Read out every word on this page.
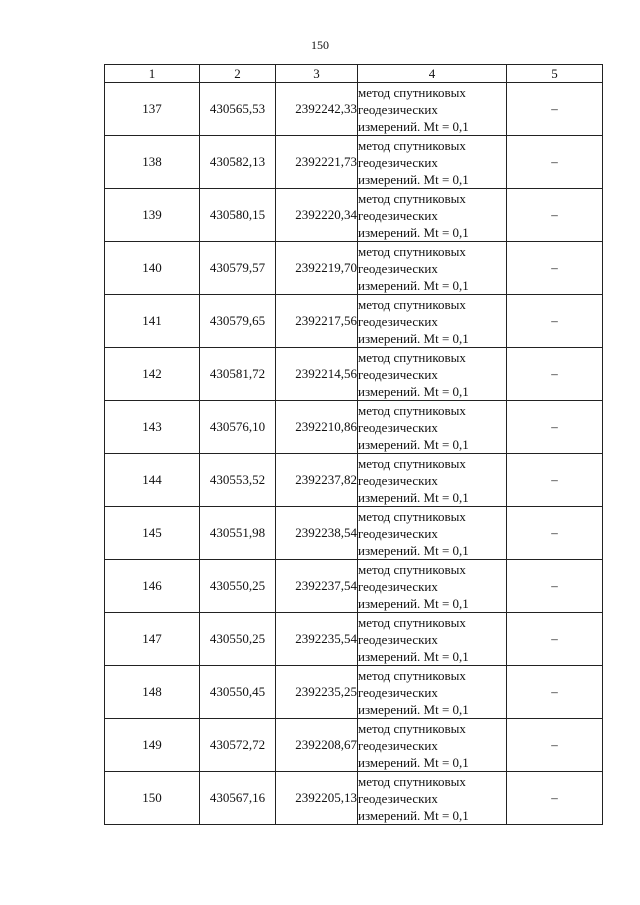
150
1	2	3	4	5
137	430565,53	2392242,33	метод спутниковых
геодезических
измерений. Mt = 0,1	–
138	430582,13	2392221,73	метод спутниковых
геодезических
измерений. Mt = 0,1	–
139	430580,15	2392220,34	метод спутниковых
геодезических
измерений. Mt = 0,1	–
140	430579,57	2392219,70	метод спутниковых
геодезических
измерений. Mt = 0,1	–
141	430579,65	2392217,56	метод спутниковых
геодезических
измерений. Mt = 0,1	–
142	430581,72	2392214,56	метод спутниковых
геодезических
измерений. Mt = 0,1	–
143	430576,10	2392210,86	метод спутниковых
геодезических
измерений. Mt = 0,1	–
144	430553,52	2392237,82	метод спутниковых
геодезических
измерений. Mt = 0,1	–
145	430551,98	2392238,54	метод спутниковых
геодезических
измерений. Mt = 0,1	–
146	430550,25	2392237,54	метод спутниковых
геодезических
измерений. Mt = 0,1	–
147	430550,25	2392235,54	метод спутниковых
геодезических
измерений. Mt = 0,1	–
148	430550,45	2392235,25	метод спутниковых
геодезических
измерений. Mt = 0,1	–
149	430572,72	2392208,67	метод спутниковых
геодезических
измерений. Mt = 0,1	–
150	430567,16	2392205,13	метод спутниковых
геодезических
измерений. Mt = 0,1	–
